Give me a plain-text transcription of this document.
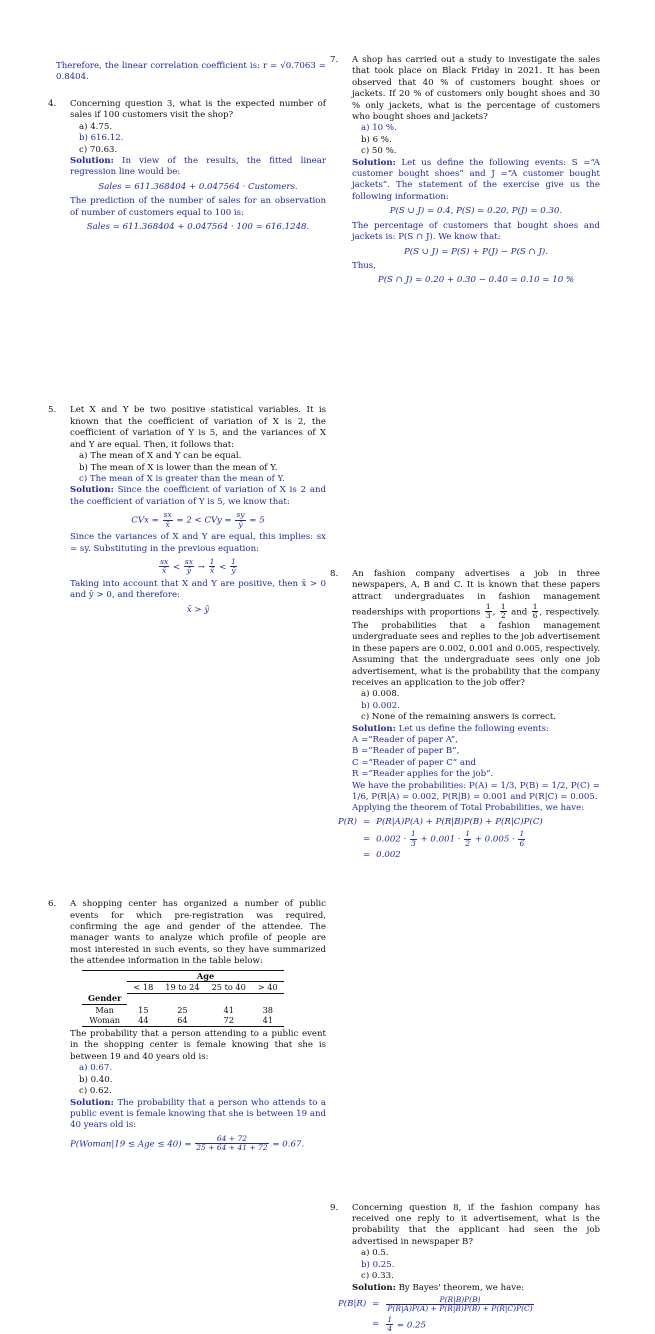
Therefore, the linear correlation coefficient is: r = √0.7063 = 0.8404.

4. Concerning question 3, what is the expected number of sales if 100 customers visit the shop?

a) 4.75.

b) 616.12.

c) 70.63.

Solution: In view of the results, the fitted linear regression line would be:

Sales = 611.368404 + 0.047564 · Customers.

The prediction of the number of sales for an observation of number of customers equal to 100 is:

Sales = 611.368404 + 0.047564 · 100 = 616.1248.
5. Let X and Y be two positive statistical variables. It is known that the coefficient of variation of X is 2, the coefficient of variation of Y is 5, and the variances of X and Y are equal. Then, it follows that:

a) The mean of X and Y can be equal.

b) The mean of X is lower than the mean of Y.

c) The mean of X is greater than the mean of Y.

Solution: Since the coefficient of variation of X is 2 and the coefficient of variation of Y is 5, we know that:

CVx = $\frac{sx}{x̄} = 2$ < CVy = $\frac{sy}{ȳ} = 5$

Since the variances of X and Y are equal, this implies: sx = sy. Substituting in the previous equation:

$\frac{sx}{x̄} < \frac{sx}{ȳ} \to \frac{1}{x̄} < \frac{1}{ȳ}$

Taking into account that X and Y are positive, then x̄ > 0 and ȳ > 0, and therefore:

x̄ > ȳ
6. A shopping center has organized a number of public events for which pre-registration was required, confirming the age and gender of the attendee. The manager wants to analyze which profile of people are most interested in such events, so they have summarized the attendee information in the table below:

	Age			
	< 18	19 to 24	25 to 40	> 40
Gender				
Man	15	25	41	38
Woman	44	64	72	41

The probability that a person attending to a public event in the shopping center is female knowing that she is between 19 and 40 years old is:

a) 0.67.

b) 0.40.

c) 0.62.

Solution: The probability that a person who attends to a public event is female knowing that she is between 19 and 40 years old is:

P(Woman|19 ≤ Age ≤ $40) = \frac{64 + 72}{25 + 64 + 41 + 72} = 0.67$.
7. A shop has carried out a study to investigate the sales that took place on Black Friday in 2021. It has been observed that 40 % of customers bought shoes or jackets. If 20 % of customers only bought shoes and 30 % only jackets, what is the percentage of customers who bought shoes and jackets?

a) 10 %.

b) 6 %.

c) 50 %.

Solution: Let us define the following events: S =“A customer bought shoes” and J =“A customer bought jackets”. The statement of the exercise give us the following information:

P(S ∪ J) = 0.4, P(S) = 0.20, P(J) = 0.30.

The percentage of customers that bought shoes and jackets is: P(S ∩ J). We know that:

P(S ∪ J) = P(S) + P(J) − P(S ∩ J).

Thus,

P(S ∩ J) = 0.20 + 0.30 − 0.40 = 0.10 = 10 %
8. An fashion company advertises a job in three newspapers, A, B and C. It is known that these papers attract undergraduates in fashion management readerships with proportions $\frac{1}{3}$ , $\frac{1}{2}$ and $\frac{1}{6}$ , respectively. The probabilities that a fashion management undergraduate sees and replies to the job advertisement in these papers are 0.002, 0.001 and 0.005, respectively. Assuming that the undergraduate sees only one job advertisement, what is the probability that the company receives an application to the job offer?

a) 0.008.

b) 0.002.

c) None of the remaining answers is correct.

Solution: Let us define the following events:

A =“Reader of paper A”,

B =“Reader of paper B”,

C =“Reader of paper C” and

R =“Reader applies for the job”.

We have the probabilities: P(A) = 1/3, P(B) = 1/2, P(C) = 1/6, P(R|A) = 0.002, P(R|B) = 0.001 and P(R|C) = 0.005.

Applying the theorem of Total Probabilities, we have:

P(R) = P(R|A)P(A) + P(R|B)P(B) + P(R|C)P(C)
= $0.002 \cdot \frac{1}{3} + 0.001 \cdot \frac{1}{2} + 0.005 \cdot \frac{1}{6}$
= 0.002
9. Concerning question 8, if the fashion company has received one reply to it advertisement, what is the probability that the applicant had seen the job advertised in newspaper B?

a) 0.5.

b) 0.25.

c) 0.33.

Solution: By Bayes' theorem, we have:

$P(B|R) = \frac{P(R|B)P(B)}{P(R|A)P(A) + P(R|B)P(B) + P(R|C)P(C)}$
= $\frac{1}{4} = 0.25$
